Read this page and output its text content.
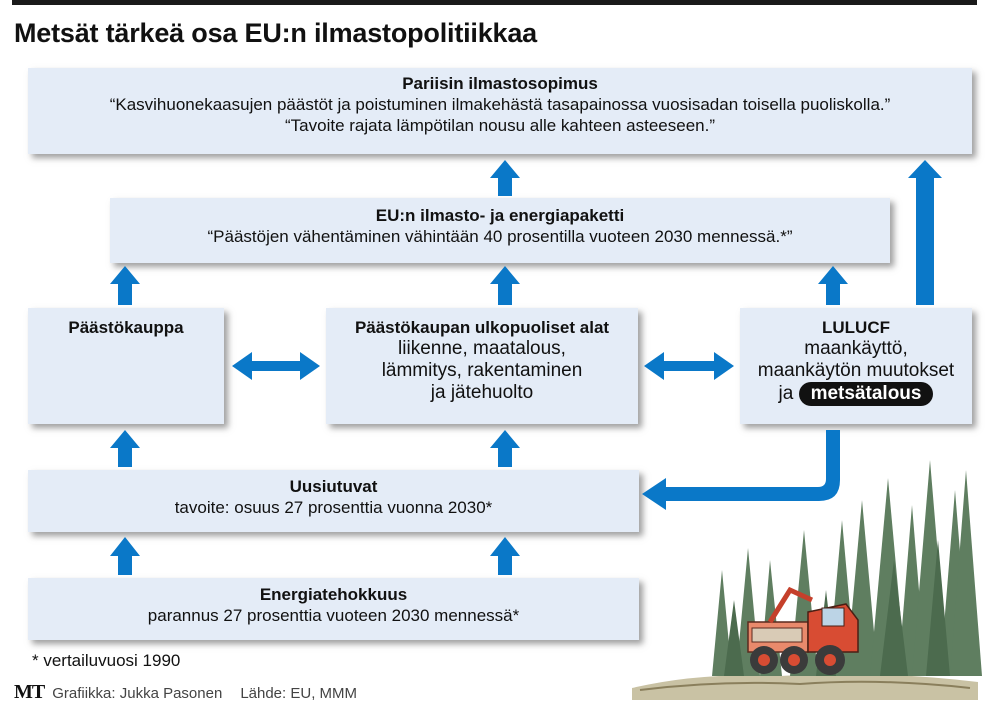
Metsät tärkeä osa EU:n ilmastopolitiikkaa
Pariisin ilmastosopimus
“Kasvihuonekaasujen päästöt ja poistuminen ilmakehästä tasapainossa vuosisadan toisella puoliskolla.”
“Tavoite rajata lämpötilan nousu alle kahteen asteeseen.”
EU:n ilmasto- ja energiapaketti
“Päästöjen vähentäminen vähintään 40 prosentilla vuoteen 2030 mennessä.*”
Päästökauppa	Päästökaupan ulkopuoliset alat
liikenne, maatalous,
lämmitys, rakentaminen
ja jätehuolto
LULUCF
maankäyttö,
maankäytön muutokset
ja metsätalous
Uusiutuvat
tavoite: osuus 27 prosenttia vuonna 2030*
Energiatehokkuus
parannus 27 prosenttia vuoteen 2030 mennessä*
* vertailuvuosi 1990
MT Grafiikka: Jukka Pasonen Lähde: EU, MMM
